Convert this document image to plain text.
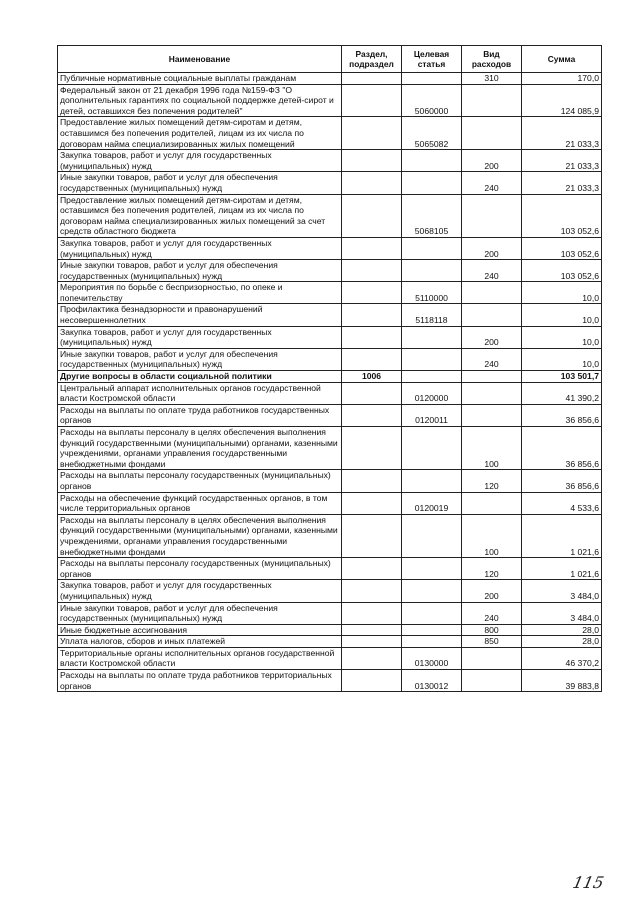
Наименование	Раздел, подраздел	Целевая статья	Вид расходов	Сумма
Публичные нормативные социальные выплаты гражданам			310	170,0
Федеральный закон от 21 декабря 1996 года №159-ФЗ "О дополнительных гарантиях по социальной поддержке детей-сирот и детей, оставшихся без попечения родителей"		5060000		124 085,9
Предоставление жилых помещений детям-сиротам и детям, оставшимся без попечения родителей, лицам из их числа по договорам найма специализированных жилых помещений		5065082		21 033,3
Закупка товаров, работ и услуг для государственных (муниципальных) нужд			200	21 033,3
Иные закупки товаров, работ и услуг для обеспечения государственных (муниципальных) нужд			240	21 033,3
Предоставление жилых помещений детям-сиротам и детям, оставшимся без попечения родителей, лицам из их числа по договорам найма специализированных жилых помещений за счет средств областного бюджета		5068105		103 052,6
Закупка товаров, работ и услуг для государственных (муниципальных) нужд			200	103 052,6
Иные закупки товаров, работ и услуг для обеспечения государственных (муниципальных) нужд			240	103 052,6
Мероприятия по борьбе с беспризорностью, по опеке и попечительству		5110000		10,0
Профилактика безнадзорности и правонарушений несовершеннолетних		5118118		10,0
Закупка товаров, работ и услуг для государственных (муниципальных) нужд			200	10,0
Иные закупки товаров, работ и услуг для обеспечения государственных (муниципальных) нужд			240	10,0
Другие вопросы в области социальной политики	1006			103 501,7
Центральный аппарат исполнительных органов государственной власти Костромской области		0120000		41 390,2
Расходы на выплаты по оплате труда работников государственных органов		0120011		36 856,6
Расходы на выплаты персоналу в целях обеспечения выполнения функций государственными (муниципальными) органами, казенными учреждениями, органами управления государственными внебюджетными фондами			100	36 856,6
Расходы на выплаты персоналу государственных (муниципальных) органов			120	36 856,6
Расходы на обеспечение функций государственных органов, в том числе территориальных органов		0120019		4 533,6
Расходы на выплаты персоналу в целях обеспечения выполнения функций государственными (муниципальными) органами, казенными учреждениями, органами управления государственными внебюджетными фондами			100	1 021,6
Расходы на выплаты персоналу государственных (муниципальных) органов			120	1 021,6
Закупка товаров, работ и услуг для государственных (муниципальных) нужд			200	3 484,0
Иные закупки товаров, работ и услуг для обеспечения государственных (муниципальных) нужд			240	3 484,0
Иные бюджетные ассигнования			800	28,0
Уплата налогов, сборов и иных платежей			850	28,0
Территориальные органы исполнительных органов государственной власти Костромской области		0130000		46 370,2
Расходы на выплаты по оплате труда работников территориальных органов		0130012		39 883,8
115
